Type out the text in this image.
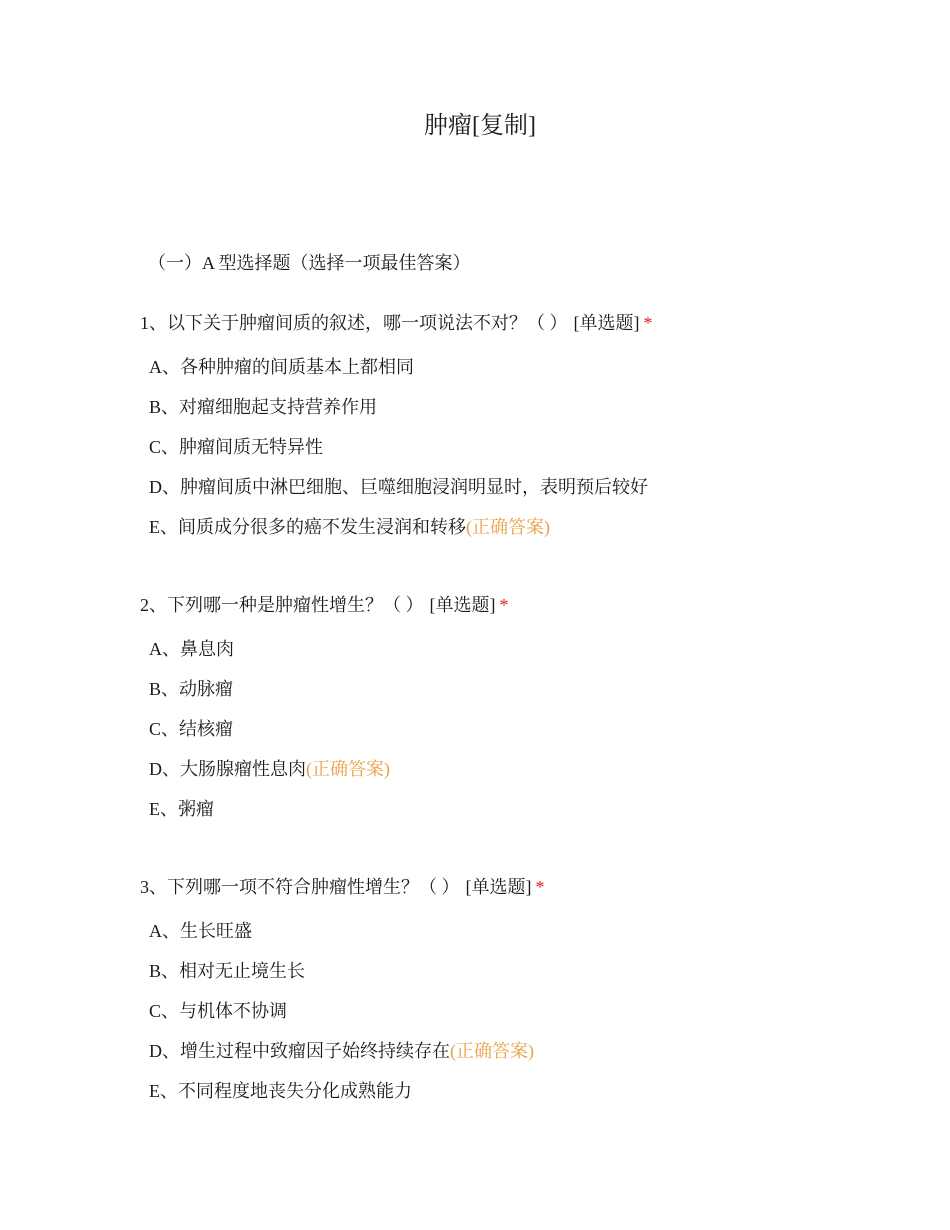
肿瘤[复制]
（一）A 型选择题（选择一项最佳答案）
1、以下关于肿瘤间质的叙述，哪一项说法不对？（ ） [单选题] *
A、各种肿瘤的间质基本上都相同
B、对瘤细胞起支持营养作用
C、肿瘤间质无特异性
D、肿瘤间质中淋巴细胞、巨噬细胞浸润明显时，表明预后较好
E、间质成分很多的癌不发生浸润和转移(正确答案)
2、下列哪一种是肿瘤性增生？（ ） [单选题] *
A、鼻息肉
B、动脉瘤
C、结核瘤
D、大肠腺瘤性息肉(正确答案)
E、粥瘤
3、下列哪一项不符合肿瘤性增生？（ ） [单选题] *
A、生长旺盛
B、相对无止境生长
C、与机体不协调
D、增生过程中致瘤因子始终持续存在(正确答案)
E、不同程度地丧失分化成熟能力
